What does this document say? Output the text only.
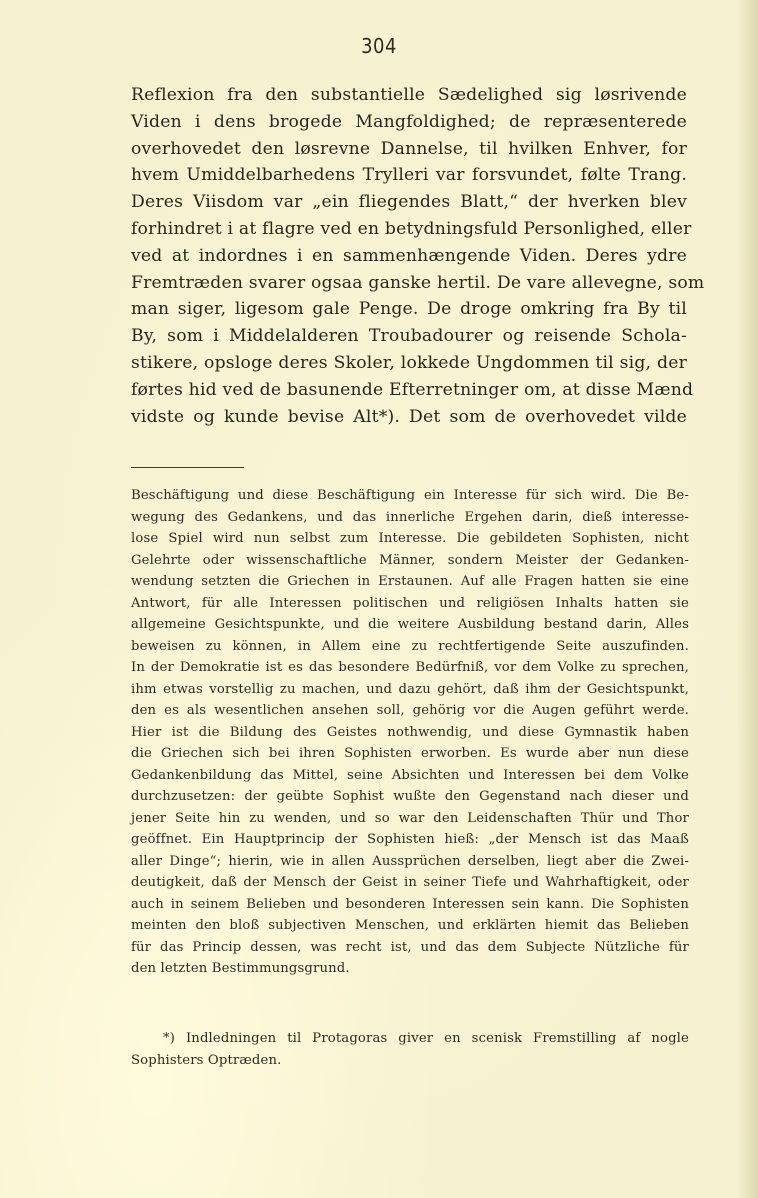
304
Reflexion fra den substantielle Sædelighed sig løsrivende
Viden i dens brogede Mangfoldighed; de repræsenterede
overhovedet den løsrevne Dannelse, til hvilken Enhver, for
hvem Umiddelbarhedens Trylleri var forsvundet, følte Trang.
Deres Viisdom var „ein fliegendes Blatt,“ der hverken blev
forhindret i at flagre ved en betydningsfuld Personlighed, eller
ved at indordnes i en sammenhængende Viden. Deres ydre
Fremtræden svarer ogsaa ganske hertil. De vare allevegne, som
man siger, ligesom gale Penge. De droge omkring fra By til
By, som i Middelalderen Troubadourer og reisende Schola-
stikere, opsloge deres Skoler, lokkede Ungdommen til sig, der
førtes hid ved de basunende Efterretninger om, at disse Mænd
vidste og kunde bevise Alt*). Det som de overhovedet vilde
Beschäftigung und diese Beschäftigung ein Interesse für sich wird. Die Be-
wegung des Gedankens, und das innerliche Ergehen darin, dieß interesse-
lose Spiel wird nun selbst zum Interesse. Die gebildeten Sophisten, nicht
Gelehrte oder wissenschaftliche Männer, sondern Meister der Gedanken-
wendung setzten die Griechen in Erstaunen. Auf alle Fragen hatten sie eine
Antwort, für alle Interessen politischen und religiösen Inhalts hatten sie
allgemeine Gesichtspunkte, und die weitere Ausbildung bestand darin, Alles
beweisen zu können, in Allem eine zu rechtfertigende Seite auszufinden.
In der Demokratie ist es das besondere Bedürfniß, vor dem Volke zu sprechen,
ihm etwas vorstellig zu machen, und dazu gehört, daß ihm der Gesichtspunkt,
den es als wesentlichen ansehen soll, gehörig vor die Augen geführt werde.
Hier ist die Bildung des Geistes nothwendig, und diese Gymnastik haben
die Griechen sich bei ihren Sophisten erworben. Es wurde aber nun diese
Gedankenbildung das Mittel, seine Absichten und Interessen bei dem Volke
durchzusetzen: der geübte Sophist wußte den Gegenstand nach dieser und
jener Seite hin zu wenden, und so war den Leidenschaften Thür und Thor
geöffnet. Ein Hauptprincip der Sophisten hieß: „der Mensch ist das Maaß
aller Dinge“; hierin, wie in allen Aussprüchen derselben, liegt aber die Zwei-
deutigkeit, daß der Mensch der Geist in seiner Tiefe und Wahrhaftigkeit, oder
auch in seinem Belieben und besonderen Interessen sein kann. Die Sophisten
meinten den bloß subjectiven Menschen, und erklärten hiemit das Belieben
für das Princip dessen, was recht ist, und das dem Subjecte Nützliche für
den letzten Bestimmungsgrund.
*) Indledningen til Protagoras giver en scenisk Fremstilling af nogle
Sophisters Optræden.
